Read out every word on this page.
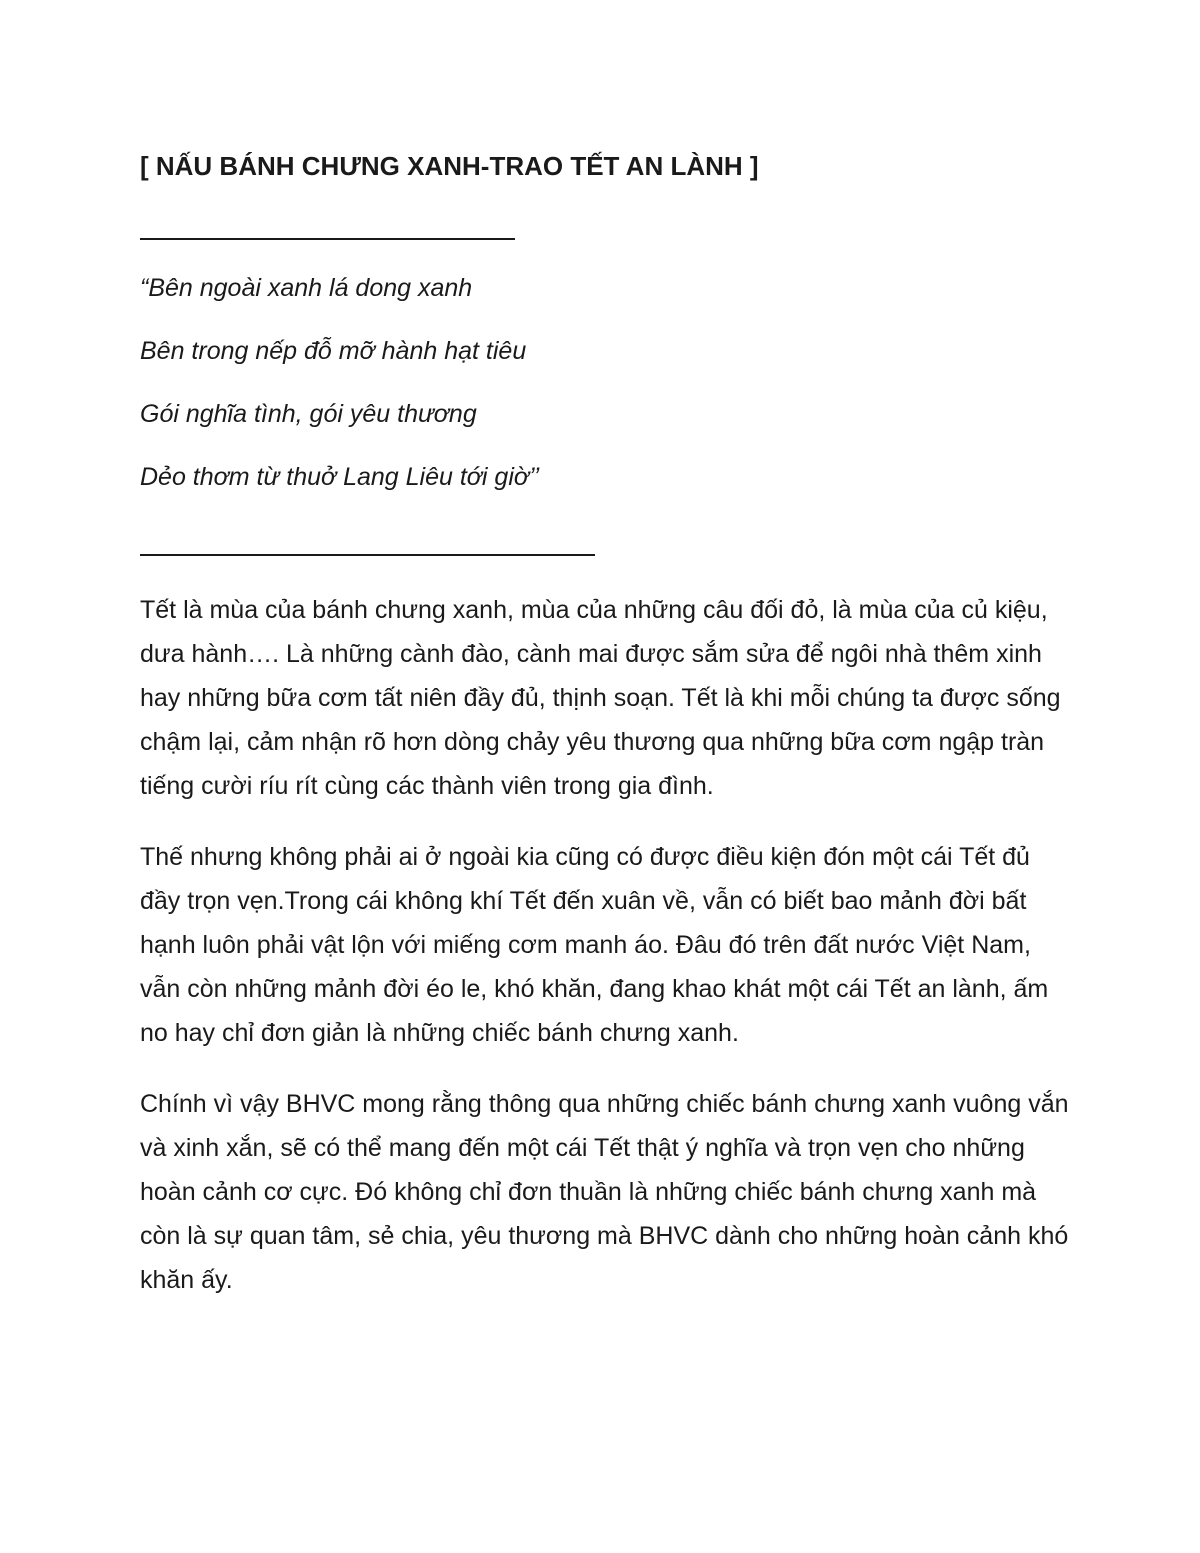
[ NẤU BÁNH CHƯNG XANH-TRAO TẾT AN LÀNH ]
“Bên ngoài xanh lá dong xanh
Bên trong nếp đỗ mỡ hành hạt tiêu
Gói nghĩa tình, gói yêu thương
Dẻo thơm từ thuở Lang Liêu tới giờ’’

Tết là mùa của bánh chưng xanh, mùa của những câu đối đỏ, là mùa của củ kiệu, dưa hành…. Là những cành đào, cành mai được sắm sửa để ngôi nhà thêm xinh hay những bữa cơm tất niên đầy đủ, thịnh soạn. Tết là khi mỗi chúng ta được sống chậm lại, cảm nhận rõ hơn dòng chảy yêu thương qua những bữa cơm ngập tràn tiếng cười ríu rít cùng các thành viên trong gia đình.

Thế nhưng không phải ai ở ngoài kia cũng có được điều kiện đón một cái Tết đủ đầy trọn vẹn.Trong cái không khí Tết đến xuân về, vẫn có biết bao mảnh đời bất hạnh luôn phải vật lộn với miếng cơm manh áo. Đâu đó trên đất nước Việt Nam, vẫn còn những mảnh đời éo le, khó khăn, đang khao khát một cái Tết an lành, ấm no hay chỉ đơn giản là những chiếc bánh chưng xanh.

Chính vì vậy BHVC mong rằng thông qua những chiếc bánh chưng xanh vuông vắn và xinh xắn, sẽ có thể mang đến một cái Tết thật ý nghĩa và trọn vẹn cho những hoàn cảnh cơ cực. Đó không chỉ đơn thuần là những chiếc bánh chưng xanh mà còn là sự quan tâm, sẻ chia, yêu thương mà BHVC dành cho những hoàn cảnh khó khăn ấy.
